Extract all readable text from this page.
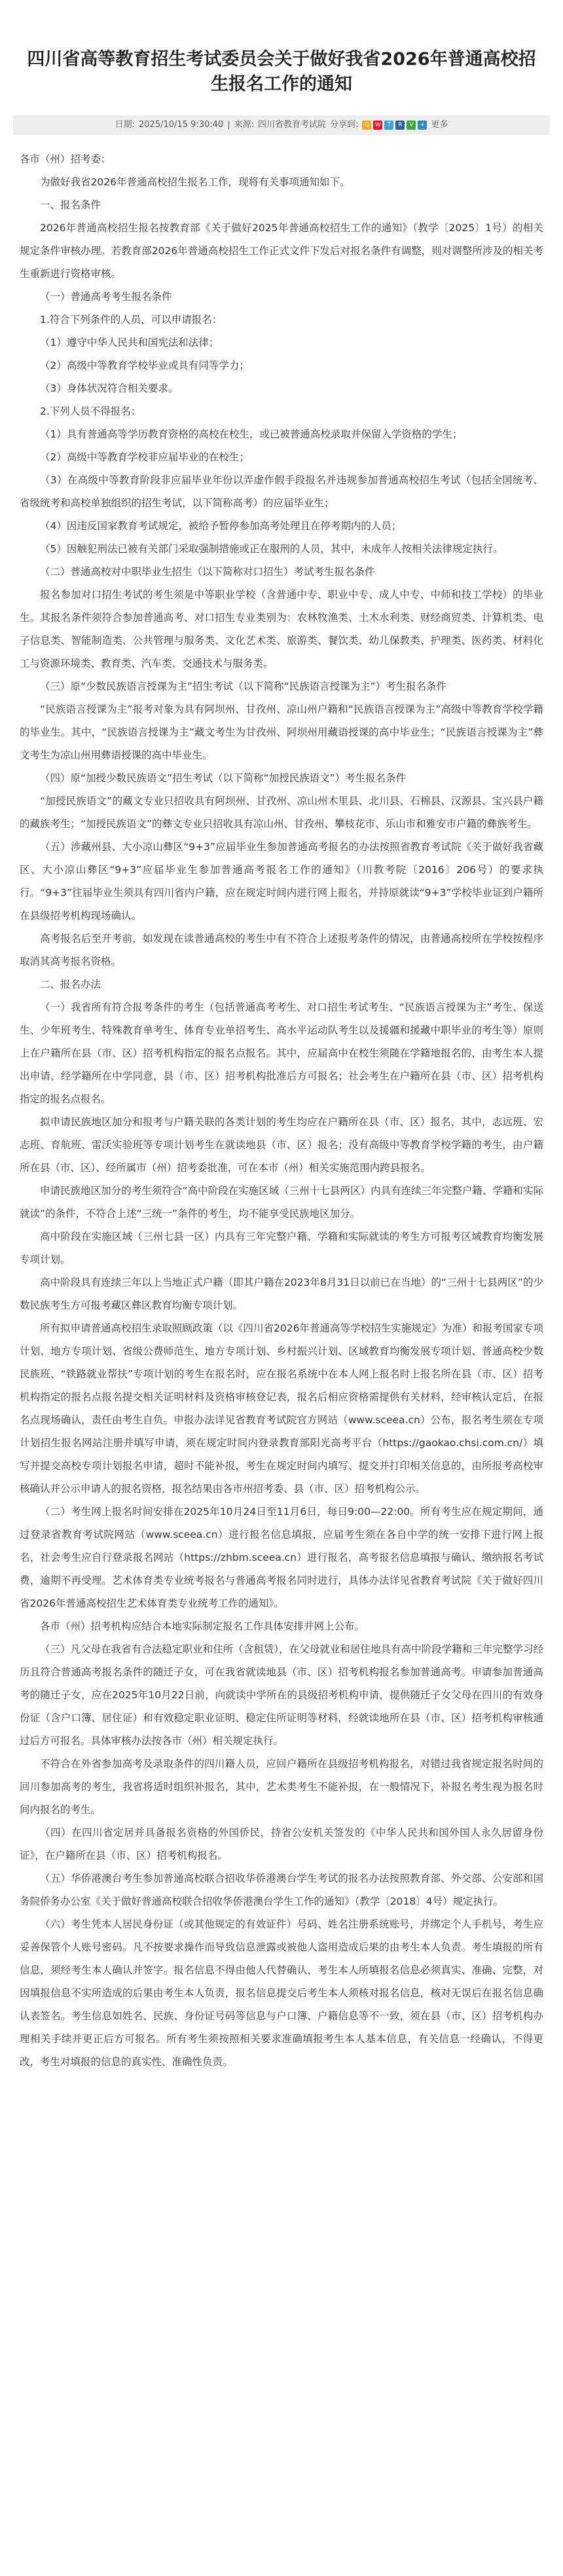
四川省高等教育招生考试委员会关于做好我省2026年普通高校招生报名工作的通知
日期: 2025/10/15 9:30:40 | 来源: 四川省教育考试院 分享到:	Q	W	T	R	V	+ 更多

各市（州）招考委：

为做好我省2026年普通高校招生报名工作，现将有关事项通知如下。

一、报名条件

2026年普通高校招生报名按教育部《关于做好2025年普通高校招生工作的通知》（教学〔2025〕1号）的相关规定条件审核办理。若教育部2026年普通高校招生工作正式文件下发后对报名条件有调整，则对调整所涉及的相关考生重新进行资格审核。

（一）普通高考考生报名条件

1.符合下列条件的人员，可以申请报名：

（1）遵守中华人民共和国宪法和法律；

（2）高级中等教育学校毕业或具有同等学力；

（3）身体状况符合相关要求。

2.下列人员不得报名：

（1）具有普通高等学历教育资格的高校在校生，或已被普通高校录取并保留入学资格的学生；

（2）高级中等教育学校非应届毕业的在校生；

（3）在高级中等教育阶段非应届毕业年份以弄虚作假手段报名并违规参加普通高校招生考试（包括全国统考、省级统考和高校单独组织的招生考试，以下简称高考）的应届毕业生；

（4）因违反国家教育考试规定，被给予暂停参加高考处理且在停考期内的人员；

（5）因触犯刑法已被有关部门采取强制措施或正在服刑的人员，其中，未成年人按相关法律规定执行。

（二）普通高校对中职毕业生招生（以下简称对口招生）考试考生报名条件

报名参加对口招生考试的考生须是中等职业学校（含普通中专、职业中专、成人中专、中师和技工学校）的毕业生。其报名条件须符合参加普通高考、对口招生专业类别为：农林牧渔类、土木水利类、财经商贸类、计算机类、电子信息类、智能制造类、公共管理与服务类、文化艺术类、旅游类、餐饮类、幼儿保教类、护理类、医药类、材料化工与资源环境类、教育类、汽车类、交通技术与服务类。

（三）原“少数民族语言授课为主”招生考试（以下简称“民族语言授课为主”）考生报名条件

“民族语言授课为主”报考对象为具有阿坝州、甘孜州、凉山州户籍和“民族语言授课为主”高级中等教育学校学籍的毕业生。其中，“民族语言授课为主”藏文考生为甘孜州、阿坝州用藏语授课的高中毕业生；“民族语言授课为主”彝文考生为凉山州用彝语授课的高中毕业生。

（四）原“加授少数民族语文”招生考试（以下简称“加授民族语文”）考生报名条件

“加授民族语文”的藏文专业只招收具有阿坝州、甘孜州、凉山州木里县、北川县、石棉县、汉源县、宝兴县户籍的藏族考生；“加授民族语文”的彝文专业只招收具有凉山州、甘孜州、攀枝花市、乐山市和雅安市户籍的彝族考生。

（五）涉藏州县、大小凉山彝区“9+3”应届毕业生参加普通高考报名的办法按照省教育考试院《关于做好我省藏区、大小凉山彝区“9+3”应届毕业生参加普通高考报名工作的通知》（川教考院〔2016〕206号）的要求执行。“9+3”往届毕业生须具有四川省内户籍，应在规定时间内进行网上报名，并持原就读“9+3”学校毕业证到户籍所在县级招考机构现场确认。

高考报名后至开考前，如发现在读普通高校的考生中有不符合上述报考条件的情况，由普通高校所在学校按程序取消其高考报名资格。

二、报名办法

（一）我省所有符合报考条件的考生（包括普通高考考生、对口招生考试考生、“民族语言授课为主”考生、保送生、少年班考生、特殊教育单考生、体育专业单招考生、高水平运动队考生以及援疆和援藏中职毕业的考生等）原则上在户籍所在县（市、区）招考机构指定的报名点报名。其中，应届高中在校生须随在学籍地报名的，由考生本人提出申请，经学籍所在中学同意，县（市、区）招考机构批准后方可报名；社会考生在户籍所在县（市、区）招考机构指定的报名点报名。

拟申请民族地区加分和报考与户籍关联的各类计划的考生均应在户籍所在县（市、区）报名，其中，志远班、宏志班、育航班、雷沃实验班等专项计划考生在就读地县（市、区）报名；没有高级中等教育学校学籍的考生，由户籍所在县（市、区）、经所属市（州）招考委批准，可在本市（州）相关实施范围内跨县报名。

申请民族地区加分的考生须符合“高中阶段在实施区域（三州十七县两区）内具有连续三年完整户籍、学籍和实际就读”的条件，不符合上述“三统一”条件的考生，均不能享受民族地区加分。

高中阶段在实施区域（三州七县一区）内具有三年完整户籍、学籍和实际就读的考生方可报考区域教育均衡发展专项计划。

高中阶段具有连续三年以上当地正式户籍（即其户籍在2023年8月31日以前已在当地）的“三州十七县两区”的少数民族考生方可报考藏区彝区教育均衡专项计划。

所有拟申请普通高校招生录取照顾政策（以《四川省2026年普通高等学校招生实施规定》为准）和报考国家专项计划、地方专项计划、省级公费师范生、地方专项计划、乡村振兴计划、区域教育均衡发展专项计划、普通高校少数民族班、“铁路就业帮扶”专项计划的考生在报名时，应在报名系统中在本人网上报名时上报名所在县（市、区）招考机构指定的报名点报名提交相关证明材料及资格审核登记表，报名后相应资格需提供有关材料，经审核认定后，在报名点现场确认，责任由考生自负。申报办法详见省教育考试院官方网站（www.sceea.cn）公布，报名考生须在专项计划招生报名网站注册并填写申请，须在规定时间内登录教育部阳光高考平台（https://gaokao.chsi.com.cn/）填写并提交高校专项计划报名申请，超时不能补报，考生在规定时间内填写、提交并打印相关信息的，由所报考高校审核确认并公示申请人的报名资格，报名结果由各市州招考委、县（市、区）招考机构公示。

（二）考生网上报名时间安排在2025年10月24日至11月6日，每日9:00—22:00。所有考生应在规定期间，通过登录省教育考试院网站（www.sceea.cn）进行报名信息填报，应届考生须在各自中学的统一安排下进行网上报名，社会考生应自行登录报名网站（https://zhbm.sceea.cn）进行报名，高考报名信息填报与确认、缴纳报名考试费，逾期不再受理。艺术体育类专业统考报名与普通高考报名同时进行，具体办法详见省教育考试院《关于做好四川省2026年普通高校招生艺术体育类专业统考工作的通知》。

各市（州）招考机构应结合本地实际制定报名工作具体安排并网上公布。

（三）凡父母在我省有合法稳定职业和住所（含租赁），在父母就业和居住地具有高中阶段学籍和三年完整学习经历且符合普通高考报名条件的随迁子女，可在我省就读地县（市、区）招考机构报名参加普通高考。申请参加普通高考的随迁子女，应在2025年10月22日前，向就读中学所在的县级招考机构申请，提供随迁子女父母在四川的有效身份证（含户口簿、居住证）和有效稳定职业证明、稳定住所证明等材料，经就读地所在县（市、区）招考机构审核通过后方可报名。具体审核办法按各市（州）相关规定执行。

不符合在外省参加高考及录取条件的四川籍人员，应回户籍所在县级招考机构报名，对错过我省规定报名时间的回川参加高考的考生，我省将适时组织补报名，其中，艺术类考生不能补报，在一般情况下，补报名考生视为报名时间内报名的考生。

（四）在四川省定居并具备报名资格的外国侨民，持省公安机关签发的《中华人民共和国外国人永久居留身份证》，在户籍所在县（市、区）招考机构报名。

（五）华侨港澳台考生参加普通高校联合招收华侨港澳台学生考试的报名办法按照教育部、外交部、公安部和国务院侨务办公室《关于做好普通高校联合招收华侨港澳台学生工作的通知》（教学〔2018〕4号）规定执行。

（六）考生凭本人居民身份证（或其他规定的有效证件）号码、姓名注册系统账号，并绑定个人手机号，考生应妥善保管个人账号密码。凡不按要求操作而导致信息泄露或被他人盗用造成后果的由考生本人负责。考生填报的所有信息，须经考生本人确认并签字。报名信息不得由他人代替确认，考生本人所填报名信息必须真实、准确、完整，对因填报信息不实所造成的后果由考生本人负责，报名信息提交后考生本人须核对报名信息，核对无误后在报名信息确认表签名。考生信息如姓名、民族、身份证号码等信息与户口簿、户籍信息等不一致，须在县（市、区）招考机构办理相关手续并更正后方可报名。所有考生须按照相关要求准确填报考生本人基本信息，有关信息一经确认，不得更改，考生对填报的信息的真实性、准确性负责。
